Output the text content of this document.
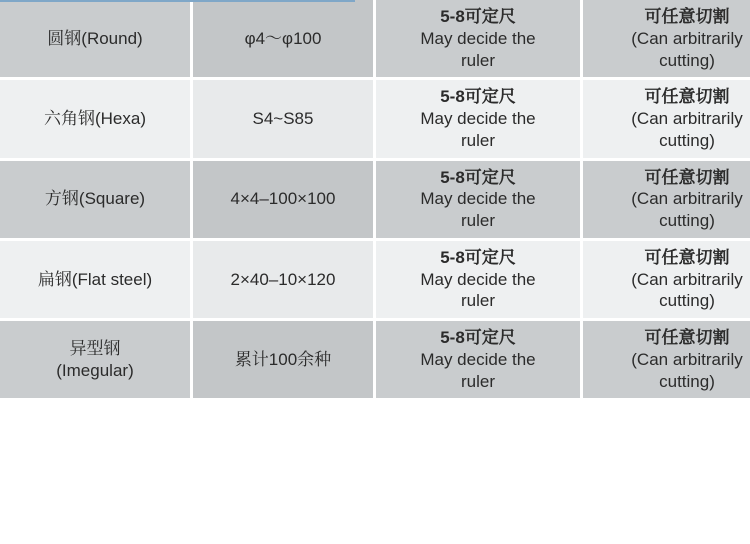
圆钢(Round)	φ4～φ100	5-8可定尺
May decide the
ruler	可任意切割
(Can arbitrarily
cutting)

六角钢(Hexa)	S4~S85	5-8可定尺
May decide the
ruler	可任意切割
(Can arbitrarily
cutting)

方钢(Square)	4×4–100×100	5-8可定尺
May decide the
ruler	可任意切割
(Can arbitrarily
cutting)

扁钢(Flat steel)	2×40–10×120	5-8可定尺
May decide the
ruler	可任意切割
(Can arbitrarily
cutting)

异型钢
(Imegular)	累计100余种	5-8可定尺
May decide the
ruler	可任意切割
(Can arbitrarily
cutting)
